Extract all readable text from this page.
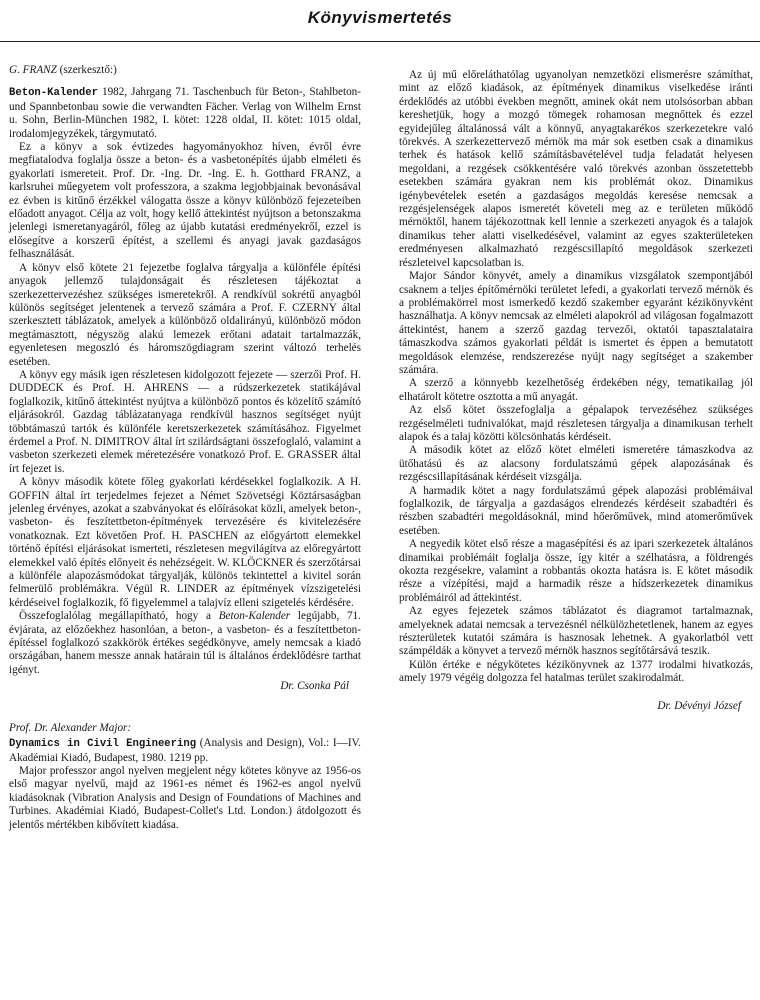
Könyvismertetés

G. FRANZ (szerkesztő:)

Beton-Kalender 1982, Jahrgang 71. Taschenbuch für Beton-, Stahlbeton- und Spannbetonbau sowie die verwandten Fächer. Verlag von Wilhelm Ernst u. Sohn, Berlin-München 1982, I. kötet: 1228 oldal, II. kötet: 1015 oldal, irodalomjegyzékek, tárgymutató.

Ez a könyv a sok évtizedes hagyományokhoz híven, évről évre megfiatalodva foglalja össze a beton- és a vasbetonépítés újabb elméleti és gyakorlati ismereteit. Prof. Dr. -Ing. Dr. -Ing. E. h. Gotthard FRANZ, a karlsruhei műegyetem volt professzora, a szakma legjobbjainak bevonásával ez évben is kitűnő érzékkel válogatta össze a könyv különböző fejezeteiben előadott anyagot. Célja az volt, hogy kellő áttekintést nyújtson a betonszakma jelenlegi ismeretanyagáról, főleg az újabb kutatási eredményekről, ezzel is elősegítve a korszerű építést, a szellemi és anyagi javak gazdaságos felhasználását.

A könyv első kötete 21 fejezetbe foglalva tárgyalja a különféle építési anyagok jellemző tulajdonságait és részletesen tájékoztat a szerkezettervezéshez szükséges ismeretekről. A rendkívül sokrétű anyagból különös segítséget jelentenek a tervező számára a Prof. F. CZERNY által szerkesztett táblázatok, amelyek a különböző oldalirányú, különböző módon megtámasztott, négyszög alakú lemezek erőtani adatait tartalmazzák, egyenletesen megoszló és háromszögdiagram szerint változó terhelés esetében.

A könyv egy másik igen részletesen kidolgozott fejezete — szerzői Prof. H. DUDDECK és Prof. H. AHRENS — a rúdszerkezetek statikájával foglalkozik, kitűnő áttekintést nyújtva a különböző pontos és közelítő számító eljárásokról. Gazdag táblázatanyaga rendkívül hasznos segítséget nyújt többtámaszú tartók és különféle keretszerkezetek számításához. Figyelmet érdemel a Prof. N. DIMITROV által írt szilárdságtani összefoglaló, valamint a vasbeton szerkezeti elemek méretezésére vonatkozó Prof. E. GRASSER által írt fejezet is.

A könyv második kötete főleg gyakorlati kérdésekkel foglalkozik. A H. GOFFIN által írt terjedelmes fejezet a Német Szövetségi Köztársaságban jelenleg érvényes, azokat a szabványokat és előírásokat közli, amelyek beton-, vasbeton- és feszítettbeton-építmények tervezésére és kivitelezésére vonatkoznak. Ezt követően Prof. H. PASCHEN az előgyártott elemekkel történő építési eljárásokat ismerteti, részletesen megvilágítva az előregyártott elemekkel való építés előnyeit és nehézségeit. W. KLÖCKNER és szerzőtársai a különféle alapozásmódokat tárgyalják, különös tekintettel a kivitel során felmerülő problémákra. Végül R. LINDER az építmények vízszigetelési kérdéseivel foglalkozik, fő figyelemmel a talajvíz elleni szigetelés kérdésére.

Összefoglalólag megállapítható, hogy a Beton-Kalender legújabb, 71. évjárata, az előzőekhez hasonlóan, a beton-, a vasbeton- és a feszítettbeton-építéssel foglalkozó szakkörök értékes segédkönyve, amely nemcsak a kiadó országában, hanem messze annak határain túl is általános érdeklődésre tarthat igényt.

Dr. Csonka Pál

Prof. Dr. Alexander Major:

Dynamics in Civil Engineering (Analysis and Design), Vol.: I—IV. Akadémiai Kiadó, Budapest, 1980. 1219 pp.

Major professzor angol nyelven megjelent négy kötetes könyve az 1956-os első magyar nyelvű, majd az 1961-es német és 1962-es angol nyelvű kiadásoknak (Vibration Analysis and Design of Foundations of Machines and Turbines. Akadémiai Kiadó, Budapest-Collet's Ltd. London.) átdolgozott és jelentős mértékben kibővített kiadása.

Az új mű előreláthatólag ugyanolyan nemzetközi elismerésre számíthat, mint az előző kiadások, az építmények dinamikus viselkedése iránti érdeklődés az utóbbi években megnőtt, aminek okát nem utolsósorban abban kereshetjük, hogy a mozgó tömegek rohamosan megnőttek és ezzel egyidejűleg általánossá vált a könnyű, anyagtakarékos szerkezetekre való törekvés. A szerkezettervező mérnök ma már sok esetben csak a dinamikus terhek és hatások kellő számításbavételével tudja feladatát helyesen megoldani, a rezgések csökkentésére való törekvés azonban összetettebb esetekben számára gyakran nem kis problémát okoz. Dinamikus igénybevételek esetén a gazdaságos megoldás keresése nemcsak a rezgésjelenségek alapos ismeretét követeli meg az e területen működő mérnöktől, hanem tájékozottnak kell lennie a szerkezeti anyagok és a talajok dinamikus teher alatti viselkedésével, valamint az egyes szakterületeken eredményesen alkalmazható rezgéscsillapító megoldások szerkezeti részleteivel kapcsolatban is.

Major Sándor könyvét, amely a dinamikus vizsgálatok szempontjából csaknem a teljes építőmérnöki területet lefedi, a gyakorlati tervező mérnök és a problémakörrel most ismerkedő kezdő szakember egyaránt kézikönyvként használhatja. A könyv nemcsak az elméleti alapokról ad világosan fogalmazott áttekintést, hanem a szerző gazdag tervezői, oktatói tapasztalataira támaszkodva számos gyakorlati példát is ismertet és éppen a bemutatott megoldások elemzése, rendszerezése nyújt nagy segítséget a szakember számára.

A szerző a könnyebb kezelhetőség érdekében négy, tematikailag jól elhatárolt kötetre osztotta a mű anyagát.

Az első kötet összefoglalja a gépalapok tervezéséhez szükséges rezgéselméleti tudnivalókat, majd részletesen tárgyalja a dinamikusan terhelt alapok és a talaj közötti kölcsönhatás kérdéseit.

A második kötet az előző kötet elméleti ismeretére támaszkodva az ütőhatású és az alacsony fordulatszámú gépek alapozásának és rezgéscsillapításának kérdéseit vizsgálja.

A harmadik kötet a nagy fordulatszámú gépek alapozási problémáival foglalkozik, de tárgyalja a gazdaságos elrendezés kérdéseit szabadtéri és részben szabadtéri megoldásoknál, mind hőerőművek, mind atomerőművek esetében.

A negyedik kötet első része a magasépítési és az ipari szerkezetek általános dinamikai problémáit foglalja össze, így kitér a szélhatásra, a földrengés okozta rezgésekre, valamint a robbantás okozta hatásra is. E kötet második része a vízépítési, majd a harmadik része a hídszerkezetek dinamikus problémáiról ad áttekintést.

Az egyes fejezetek számos táblázatot és diagramot tartalmaznak, amelyeknek adatai nemcsak a tervezésnél nélkülözhetetlenek, hanem az egyes részterületek kutatói számára is hasznosak lehetnek. A gyakorlatból vett számpéldák a könyvet a tervező mérnök hasznos segítőtársává teszik.

Külön értéke e négykötetes kézikönyvnek az 1377 irodalmi hivatkozás, amely 1979 végéig dolgozza fel hatalmas terület szakirodalmát.

Dr. Dévényi József
